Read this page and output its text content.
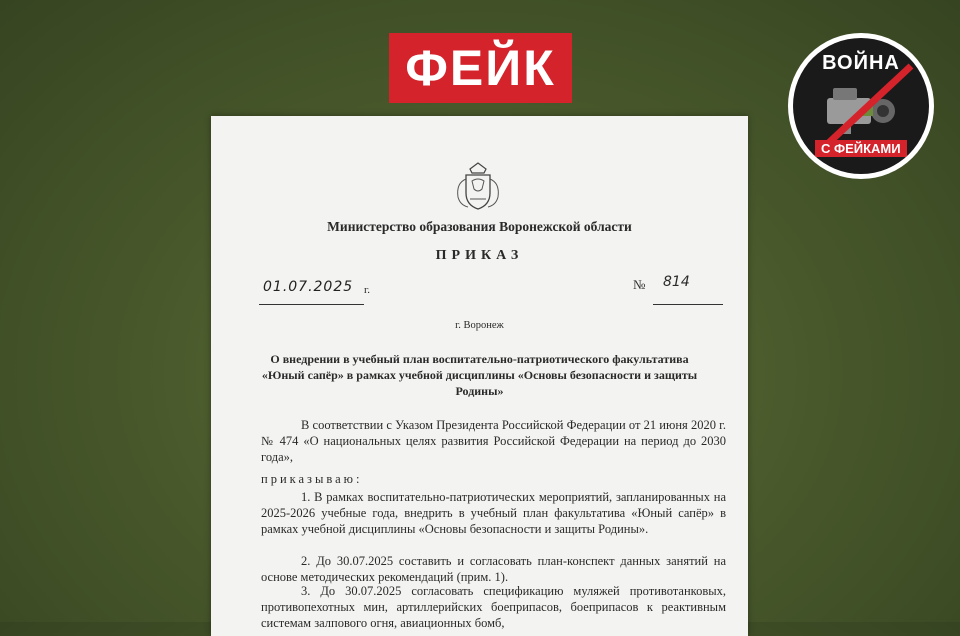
ФЕЙК	ВОЙНА
С ФЕЙКАМИ
Министерство образования Воронежской области
ПРИКАЗ
01.07.2025 г.	№ 814
г. Воронеж
О внедрении в учебный план воспитательно-патриотического факультатива «Юный сапёр» в рамках учебной дисциплины «Основы безопасности и защиты Родины»
В соответствии с Указом Президента Российской Федерации от 21 июня 2020 г. № 474 «О национальных целях развития Российской Федерации на период до 2030 года»,
приказываю:
1. В рамках воспитательно-патриотических мероприятий, запланированных на 2025-2026 учебные года, внедрить в учебный план факультатива «Юный сапёр» в рамках учебной дисциплины «Основы безопасности и защиты Родины».
2. До 30.07.2025 составить и согласовать план-конспект данных занятий на основе методических рекомендаций (прим. 1).
3. До 30.07.2025 согласовать спецификацию муляжей противотанковых, противопехотных мин, артиллерийских боеприпасов, боеприпасов к реактивным системам залпового огня, авиационных бомб,
